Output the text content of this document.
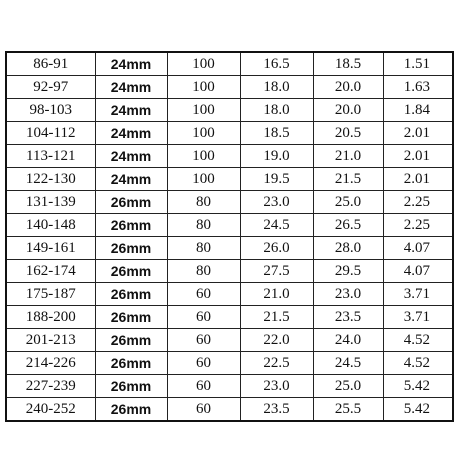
86-91	24mm	100	16.5	18.5	1.51
92-97	24mm	100	18.0	20.0	1.63
98-103	24mm	100	18.0	20.0	1.84
104-112	24mm	100	18.5	20.5	2.01
113-121	24mm	100	19.0	21.0	2.01
122-130	24mm	100	19.5	21.5	2.01
131-139	26mm	80	23.0	25.0	2.25
140-148	26mm	80	24.5	26.5	2.25
149-161	26mm	80	26.0	28.0	4.07
162-174	26mm	80	27.5	29.5	4.07
175-187	26mm	60	21.0	23.0	3.71
188-200	26mm	60	21.5	23.5	3.71
201-213	26mm	60	22.0	24.0	4.52
214-226	26mm	60	22.5	24.5	4.52
227-239	26mm	60	23.0	25.0	5.42
240-252	26mm	60	23.5	25.5	5.42
